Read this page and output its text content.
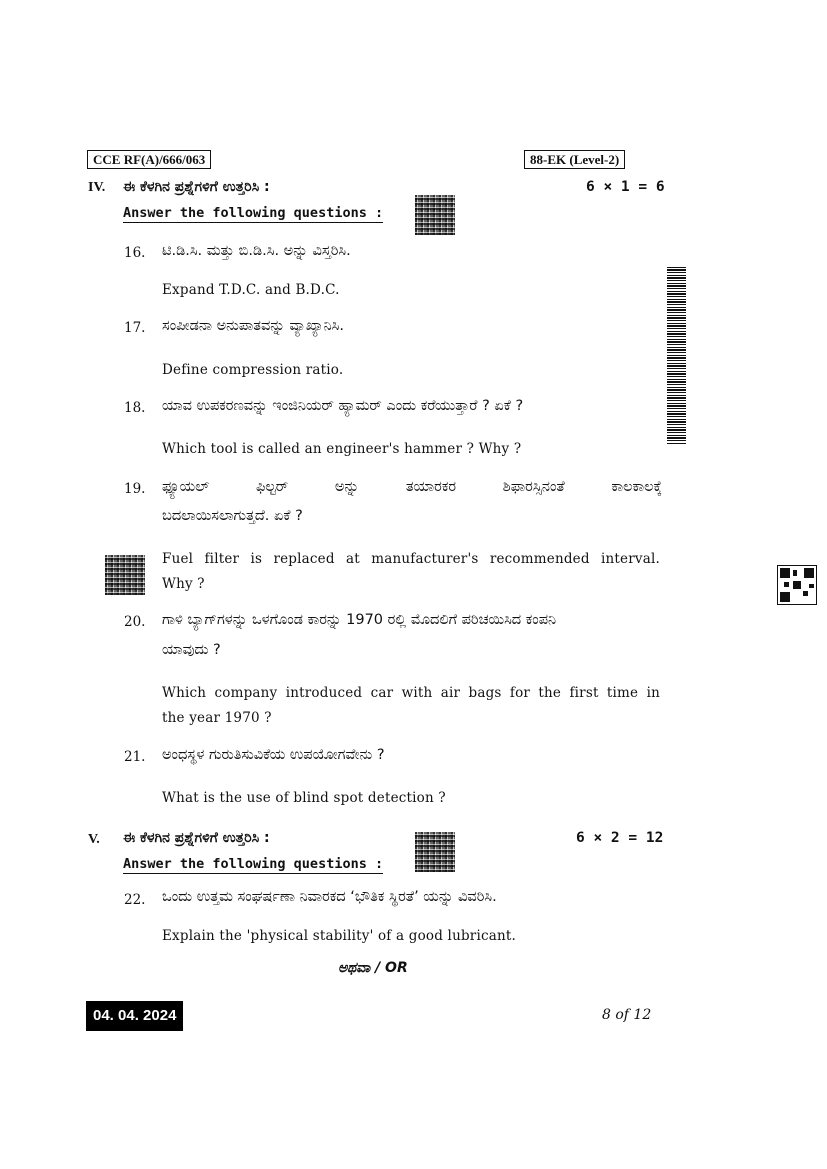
CCE RF(A)/666/063	88-EK (Level-2)
IV. ಈ ಕೆಳಗಿನ ಪ್ರಶ್ನೆಗಳಿಗೆ ಉತ್ತರಿಸಿ :	6 × 1 = 6
Answer the following questions :
16. ಟಿ.ಡಿ.ಸಿ. ಮತ್ತು ಬಿ.ಡಿ.ಸಿ. ಅನ್ನು ವಿಸ್ತರಿಸಿ.
Expand T.D.C. and B.D.C.
17. ಸಂಪೀಡನಾ ಅನುಪಾತವನ್ನು ವ್ಯಾಖ್ಯಾನಿಸಿ.
Define compression ratio.
18. ಯಾವ ಉಪಕರಣವನ್ನು ಇಂಜಿನಿಯರ್ ಹ್ಯಾಮರ್ ಎಂದು ಕರೆಯುತ್ತಾರೆ ? ಏಕೆ ?
Which tool is called an engineer's hammer ? Why ?
19. ಫ್ಯೂಯಲ್ ಫಿಲ್ಟರ್ ಅನ್ನು ತಯಾರಕರ ಶಿಫಾರಸ್ಸಿನಂತೆ ಕಾಲಕಾಲಕ್ಕೆ
ಬದಲಾಯಿಸಲಾಗುತ್ತದೆ. ಏಕೆ ?
Fuel filter is replaced at manufacturer's recommended interval.
Why ?
20. ಗಾಳಿ ಬ್ಯಾಗ್‌ಗಳನ್ನು ಒಳಗೊಂಡ ಕಾರನ್ನು 1970 ರಲ್ಲಿ ಮೊದಲಿಗೆ ಪರಿಚಯಿಸಿದ ಕಂಪನಿ
ಯಾವುದು ?
Which company introduced car with air bags for the first time in
the year 1970 ?
21. ಅಂಧಸ್ಥಳ ಗುರುತಿಸುವಿಕೆಯ ಉಪಯೋಗವೇನು ?
What is the use of blind spot detection ?
V. ಈ ಕೆಳಗಿನ ಪ್ರಶ್ನೆಗಳಿಗೆ ಉತ್ತರಿಸಿ :	6 × 2 = 12
Answer the following questions :
22. ಒಂದು ಉತ್ತಮ ಸಂಘರ್ಷಣಾ ನಿವಾರಕದ ‘ಭೌತಿಕ ಸ್ಥಿರತೆ’ ಯನ್ನು ವಿವರಿಸಿ.
Explain the 'physical stability' of a good lubricant.
ಅಥವಾ / OR
04. 04. 2024	8 of 12
